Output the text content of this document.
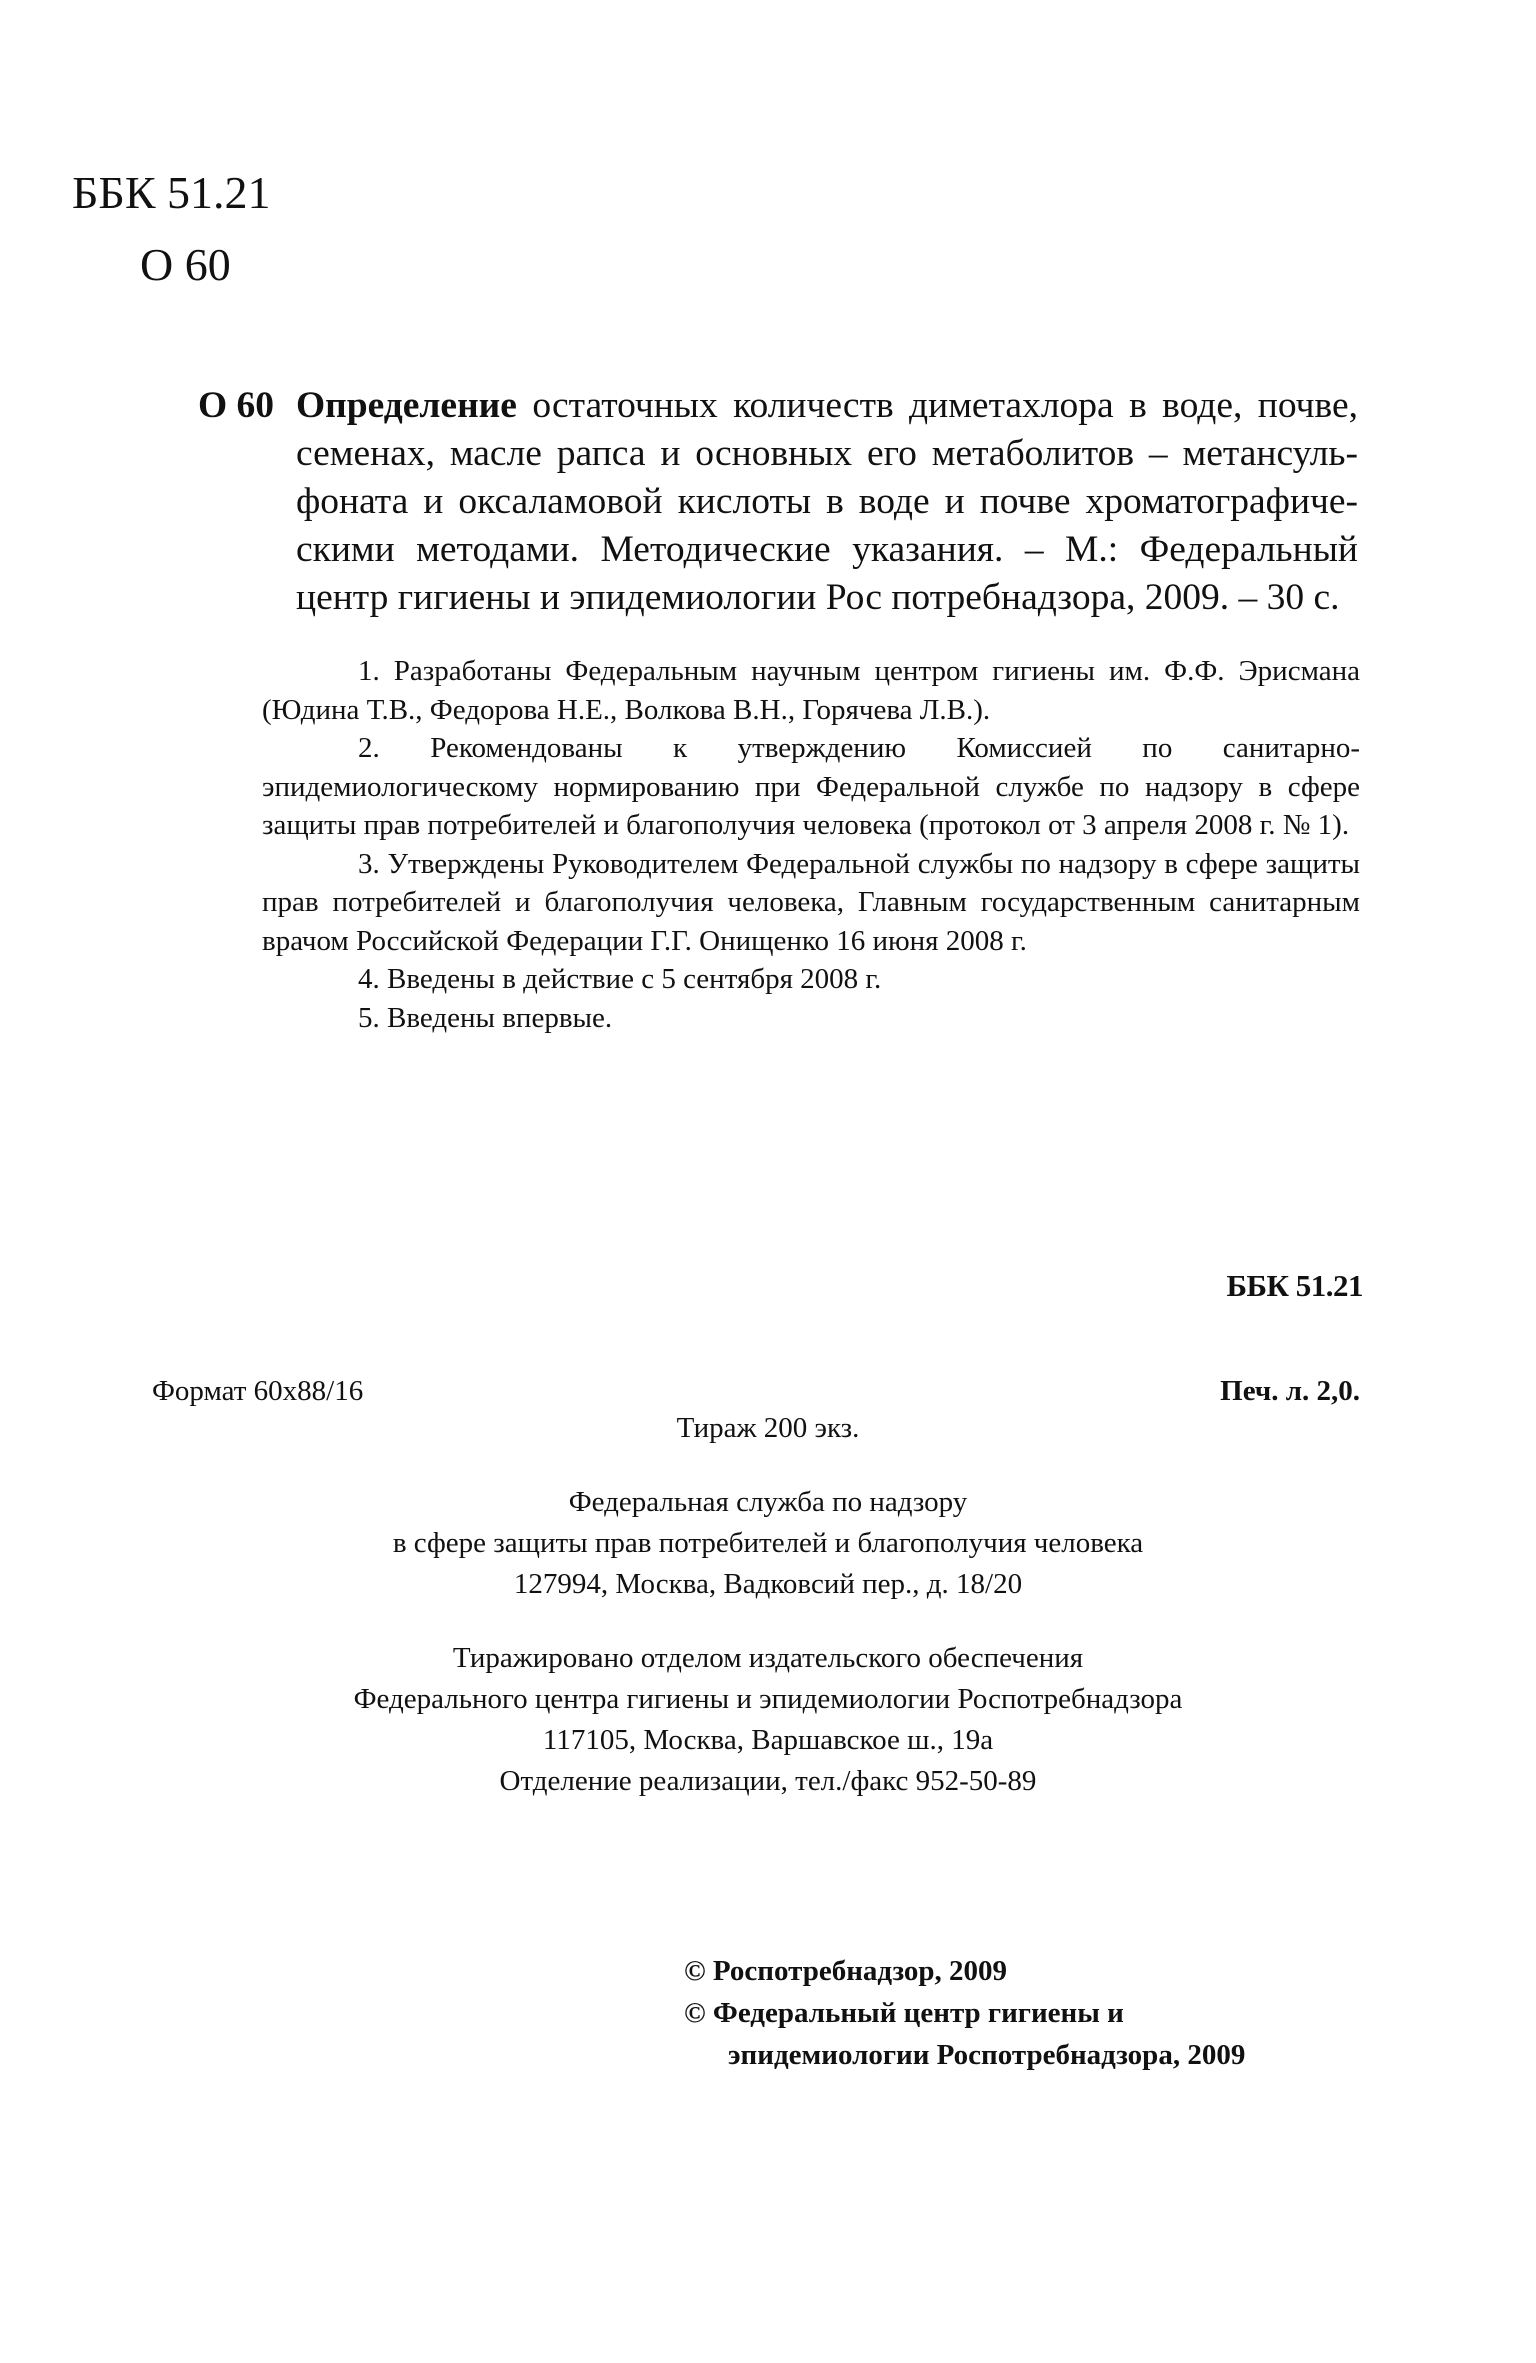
ББК 51.21
О 60
О 60 Определение остаточных количеств диметахлора в воде, почве, семенах, масле рапса и основных его метаболитов – метансуль-фоната и оксаламовой кислоты в воде и почве хроматографиче-скими методами. Методические указания. – М.: Федеральный центр гигиены и эпидемиологии Рос потребнадзора, 2009. – 30 с.

1. Разработаны Федеральным научным центром гигиены им. Ф.Ф. Эрисмана (Юдина Т.В., Федорова Н.Е., Волкова В.Н., Горячева Л.В.).

2. Рекомендованы к утверждению Комиссией по санитарно-эпидемиологическому нормированию при Федеральной службе по надзору в сфере защиты прав потребителей и благополучия человека (протокол от 3 апреля 2008 г. № 1).

3. Утверждены Руководителем Федеральной службы по надзору в сфере защиты прав потребителей и благополучия человека, Главным государственным санитарным врачом Российской Федерации Г.Г. Онищенко 16 июня 2008 г.

4. Введены в действие с 5 сентября 2008 г.

5. Введены впервые.

ББК 51.21
Формат 60x88/16	Печ. л. 2,0.
Тираж 200 экз.

Федеральная служба по надзору

в сфере защиты прав потребителей и благополучия человека

127994, Москва, Вадковсий пер., д. 18/20

Тиражировано отделом издательского обеспечения

Федерального центра гигиены и эпидемиологии Роспотребнадзора

117105, Москва, Варшавское ш., 19а

Отделение реализации, тел./факс 952-50-89

© Роспотребнадзор, 2009

© Федеральный центр гигиены и

эпидемиологии Роспотребнадзора, 2009
